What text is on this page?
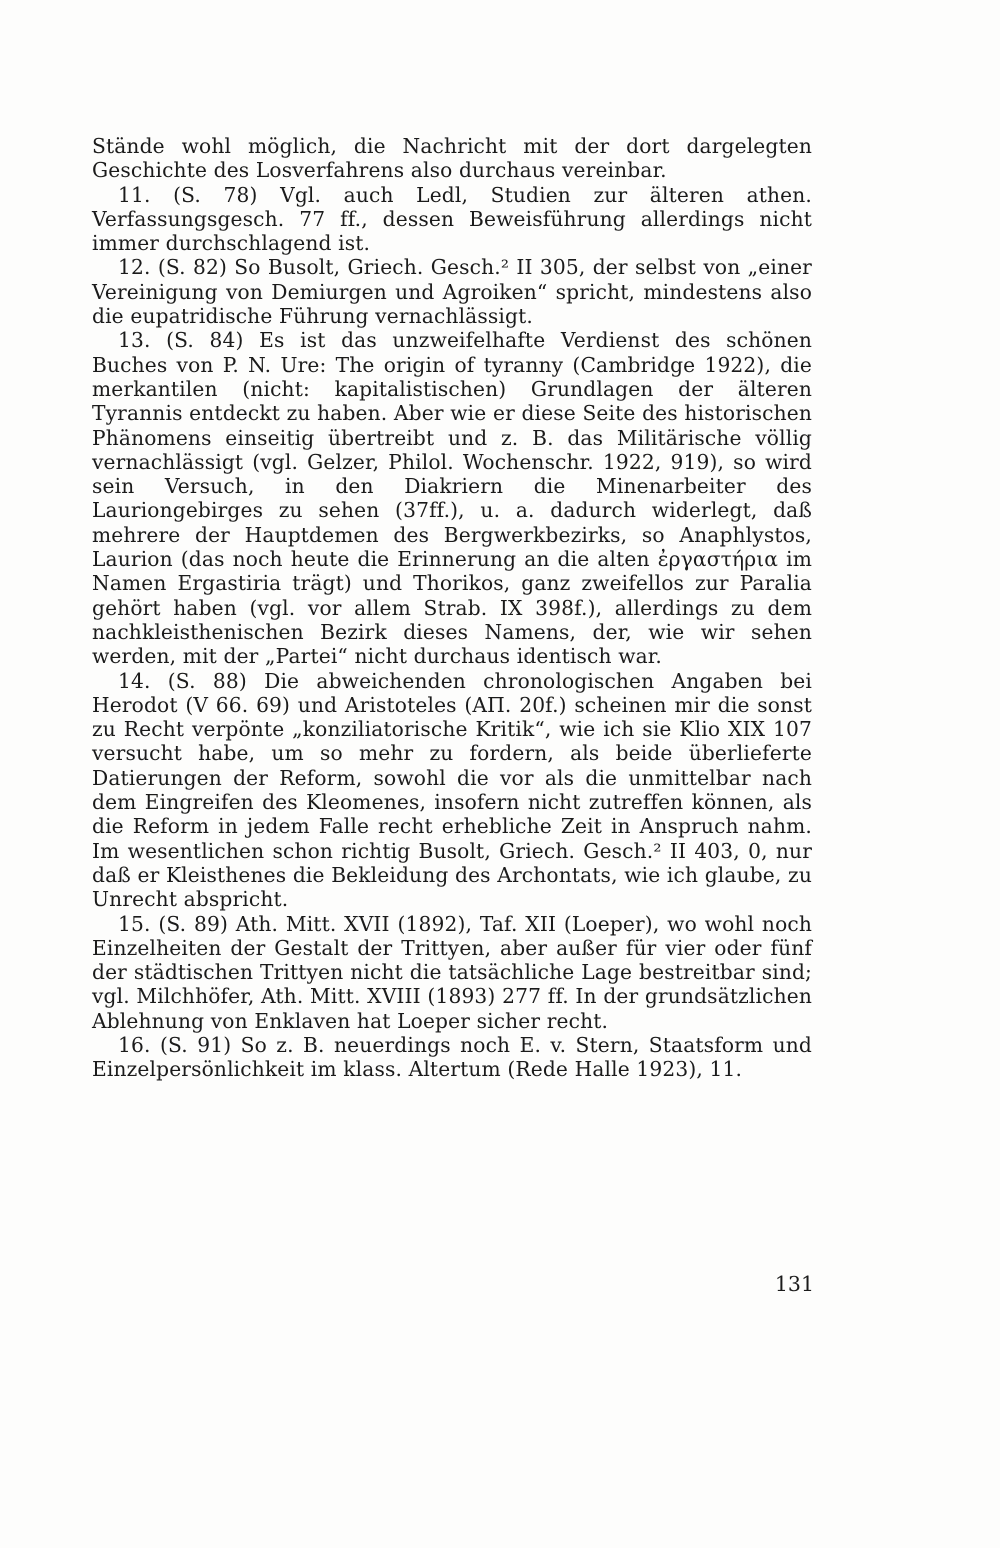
Stände wohl möglich, die Nachricht mit der dort dargelegten Geschichte des Losverfahrens also durchaus vereinbar.

11. (S. 78) Vgl. auch Ledl, Studien zur älteren athen. Verfassungsgesch. 77 ff., dessen Beweisführung allerdings nicht immer durchschlagend ist.

12. (S. 82) So Busolt, Griech. Gesch.² II 305, der selbst von „einer Vereinigung von Demiurgen und Agroiken“ spricht, mindestens also die eupatridische Führung vernachlässigt.

13. (S. 84) Es ist das unzweifelhafte Verdienst des schönen Buches von P. N. Ure: The origin of tyranny (Cambridge 1922), die merkantilen (nicht: kapitalistischen) Grundlagen der älteren Tyrannis entdeckt zu haben. Aber wie er diese Seite des historischen Phänomens einseitig übertreibt und z. B. das Militärische völlig vernachlässigt (vgl. Gelzer, Philol. Wochenschr. 1922, 919), so wird sein Versuch, in den Diakriern die Minenarbeiter des Lauriongebirges zu sehen (37ff.), u. a. dadurch widerlegt, daß mehrere der Hauptdemen des Bergwerkbezirks, so Anaphlystos, Laurion (das noch heute die Erinnerung an die alten ἐργαστήρια im Namen Ergastiria trägt) und Thorikos, ganz zweifellos zur Paralia gehört haben (vgl. vor allem Strab. IX 398f.), allerdings zu dem nachkleisthenischen Bezirk dieses Namens, der, wie wir sehen werden, mit der „Partei“ nicht durchaus identisch war.

14. (S. 88) Die abweichenden chronologischen Angaben bei Herodot (V 66. 69) und Aristoteles (ΑΠ. 20f.) scheinen mir die sonst zu Recht verpönte „konziliatorische Kritik“, wie ich sie Klio XIX 107 versucht habe, um so mehr zu fordern, als beide überlieferte Datierungen der Reform, sowohl die vor als die unmittelbar nach dem Eingreifen des Kleomenes, insofern nicht zutreffen können, als die Reform in jedem Falle recht erhebliche Zeit in Anspruch nahm. Im wesentlichen schon richtig Busolt, Griech. Gesch.² II 403, 0, nur daß er Kleisthenes die Bekleidung des Archontats, wie ich glaube, zu Unrecht abspricht.

15. (S. 89) Ath. Mitt. XVII (1892), Taf. XII (Loeper), wo wohl noch Einzelheiten der Gestalt der Trittyen, aber außer für vier oder fünf der städtischen Trittyen nicht die tatsächliche Lage bestreitbar sind; vgl. Milchhöfer, Ath. Mitt. XVIII (1893) 277 ff. In der grundsätzlichen Ablehnung von Enklaven hat Loeper sicher recht.

16. (S. 91) So z. B. neuerdings noch E. v. Stern, Staatsform und Einzelpersönlichkeit im klass. Altertum (Rede Halle 1923), 11.

131
